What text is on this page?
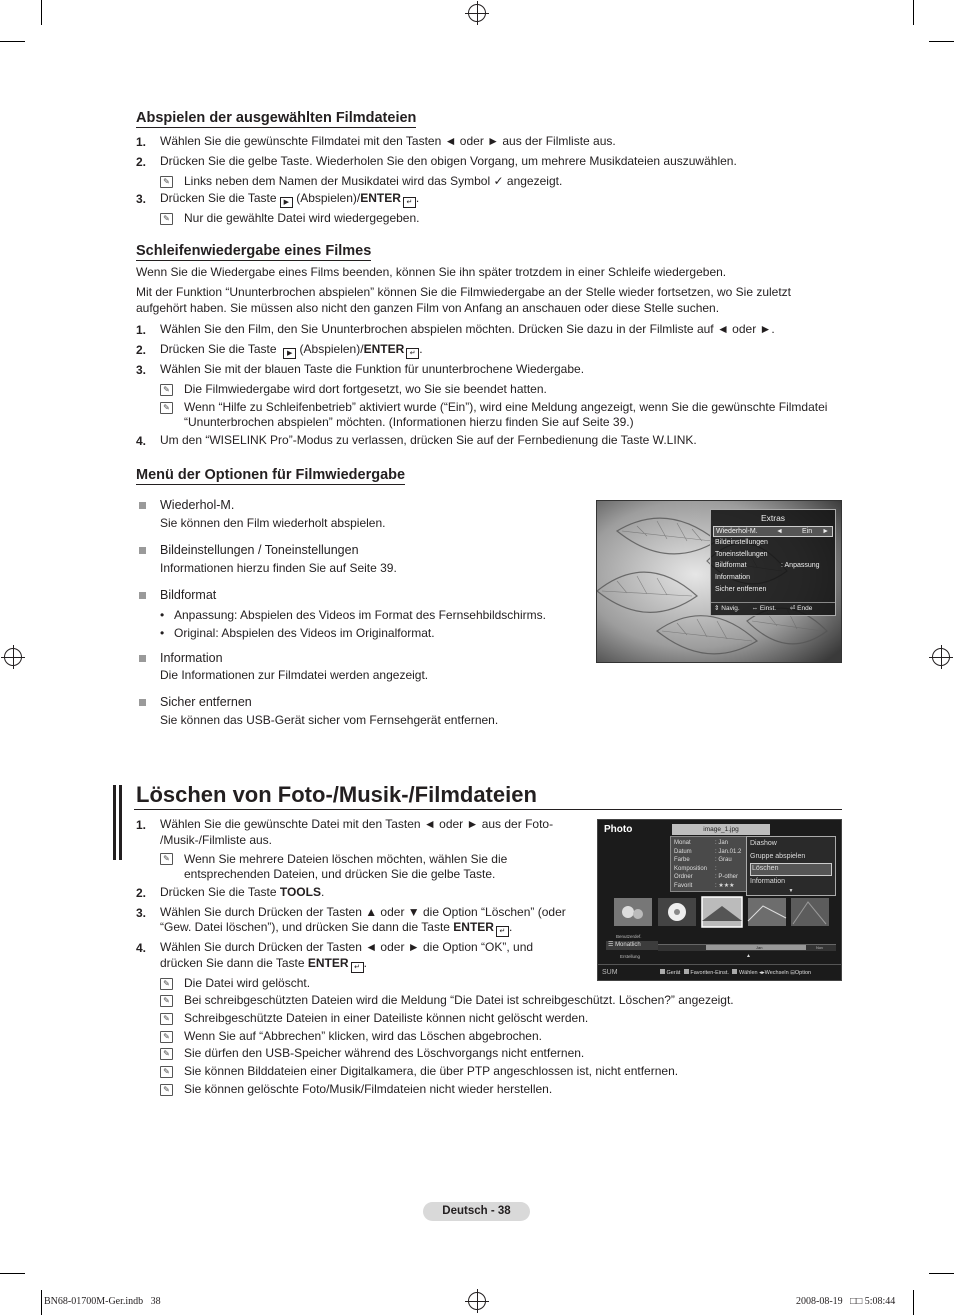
Abspielen der ausgewählten Filmdateien
1. Wählen Sie die gewünschte Filmdatei mit den Tasten ◄ oder ► aus der Filmliste aus.
2. Drücken Sie die gelbe Taste. Wiederholen Sie den obigen Vorgang, um mehrere Musikdateien auszuwählen.
✎ Links neben dem Namen der Musikdatei wird das Symbol ✓ angezeigt.
3. Drücken Sie die Taste ▶ (Abspielen)/ENTER ↵ .
✎ Nur die gewählte Datei wird wiedergegeben.
Schleifenwiedergabe eines Filmes
Wenn Sie die Wiedergabe eines Films beenden, können Sie ihn später trotzdem in einer Schleife wiedergeben.
Mit der Funktion “Ununterbrochen abspielen” können Sie die Filmwiedergabe an der Stelle wieder fortsetzen, wo Sie zuletzt
aufgehört haben. Sie müssen also nicht den ganzen Film von Anfang an anschauen oder diese Stelle suchen.
1. Wählen Sie den Film, den Sie Ununterbrochen abspielen möchten. Drücken Sie dazu in der Filmliste auf ◄ oder ►.
2. Drücken Sie die Taste ▶ (Abspielen)/ENTER ↵ .
3. Wählen Sie mit der blauen Taste die Funktion für ununterbrochene Wiedergabe.
✎ Die Filmwiedergabe wird dort fortgesetzt, wo Sie sie beendet hatten.
✎ Wenn “Hilfe zu Schleifenbetrieb” aktiviert wurde (“Ein”), wird eine Meldung angezeigt, wenn Sie die gewünschte Filmdatei
“Ununterbrochen abspielen” möchten. (Informationen hierzu finden Sie auf Seite 39.)
4. Um den “WISELINK Pro”-Modus zu verlassen, drücken Sie auf der Fernbedienung die Taste W.LINK.
Menü der Optionen für Filmwiedergabe
Wiederhol-M.
Sie können den Film wiederholt abspielen.
Bildeinstellungen / Toneinstellungen
Informationen hierzu finden Sie auf Seite 39.
Bildformat
• Anpassung: Abspielen des Videos im Format des Fernsehbildschirms.
• Original: Abspielen des Videos im Originalformat.
Information
Die Informationen zur Filmdatei werden angezeigt.
Sicher entfernen
Sie können das USB-Gerät sicher vom Fernsehgerät entfernen.
Extras
Wiederhol-M.	◄	Ein ►
Bildeinstellungen
Toneinstellungen
Bildformat	: Anpassung
Information
Sicher entfernen
⇕ Navig. ⇔ Einst. ⏎ Ende
Löschen von Foto-/Musik-/Filmdateien
1. Wählen Sie die gewünschte Datei mit den Tasten ◄ oder ► aus der Foto-
/Musik-/Filmliste aus.
✎ Wenn Sie mehrere Dateien löschen möchten, wählen Sie die
entsprechenden Dateien, und drücken Sie die gelbe Taste.
2. Drücken Sie die Taste TOOLS.
3. Wählen Sie durch Drücken der Tasten ▲ oder ▼ die Option “Löschen” (oder
“Gew. Datei löschen”), und drücken Sie dann die Taste ENTER ↵ .
4. Wählen Sie durch Drücken der Tasten ◄ oder ► die Option “OK”, und
drücken Sie dann die Taste ENTER ↵ .
✎ Die Datei wird gelöscht.
✎ Bei schreibgeschützten Dateien wird die Meldung “Die Datei ist schreibgeschützt. Löschen?” angezeigt.
✎ Schreibgeschützte Dateien in einer Dateiliste können nicht gelöscht werden.
✎ Wenn Sie auf “Abbrechen” klicken, wird das Löschen abgebrochen.
✎ Sie dürfen den USB-Speicher während des Löschvorgangs nicht entfernen.
✎ Sie können Bilddateien einer Digitalkamera, die über PTP angeschlossen ist, nicht entfernen.
✎ Sie können gelöschte Foto/Musik/Filmdateien nicht wieder herstellen.
Photo	image_1.jpg
Monat	: Jan
Datum	: Jan.01.2
Farbe	: Grau
Komposition :
Ordner	: P-other
Favorit	: ★★★
Diashow
Gruppe abspielen
Löschen
Information
▼
Benutzerdef.
☰ Monatlich
Erstellung
Jan	Nov
▲
SUM	Gerät Favoriten-Einst. Wählen ◂▸Wechseln ⊟Option
Deutsch - 38
BN68-01700M-Ger.indb   38	2008-08-19   □□ 5:08:44
